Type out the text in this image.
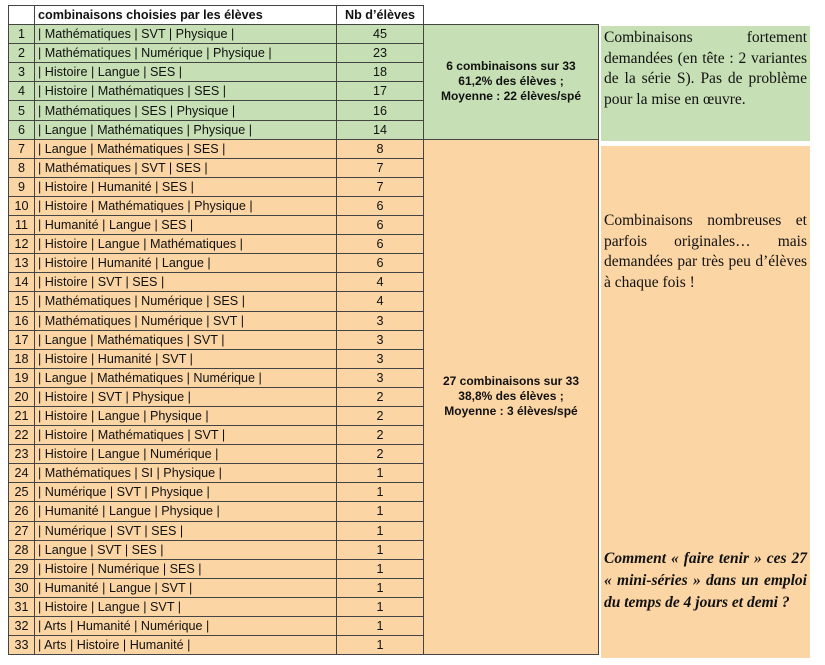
	combinaisons choisies par les élèves	Nb d’élèves	
1	| Mathématiques | SVT | Physique |	45	6 combinaisons sur 33
61,2% des élèves ;
Moyenne : 22 élèves/spé

2	| Mathématiques | Numérique | Physique |	23	
3	| Histoire | Langue | SES |	18	
4	| Histoire | Mathématiques | SES |	17	
5	| Mathématiques | SES | Physique |	16	
6	| Langue | Mathématiques | Physique |	14	
7	| Langue | Mathématiques | SES |	8	27 combinaisons sur 33
38,8% des élèves ;
Moyenne : 3 élèves/spé

8	| Mathématiques | SVT | SES |	7	
9	| Histoire | Humanité | SES |	7	
10	| Histoire | Mathématiques | Physique |	6	
11	| Humanité | Langue | SES |	6	
12	| Histoire | Langue | Mathématiques |	6	
13	| Histoire | Humanité | Langue |	6	
14	| Histoire | SVT | SES |	4	
15	| Mathématiques | Numérique | SES |	4	
16	| Mathématiques | Numérique | SVT |	3	
17	| Langue | Mathématiques | SVT |	3	
18	| Histoire | Humanité | SVT |	3	
19	| Langue | Mathématiques | Numérique |	3	
20	| Histoire | SVT | Physique |	2	
21	| Histoire | Langue | Physique |	2	
22	| Histoire | Mathématiques | SVT |	2	
23	| Histoire | Langue | Numérique |	2	
24	| Mathématiques | SI | Physique |	1	
25	| Numérique | SVT | Physique |	1	
26	| Humanité | Langue | Physique |	1	
27	| Numérique | SVT | SES |	1	
28	| Langue | SVT | SES |	1	
29	| Histoire | Numérique | SES |	1	
30	| Humanité | Langue | SVT |	1	
31	| Histoire | Langue | SVT |	1	
32	| Arts | Humanité | Numérique |	1	
33	| Arts | Histoire | Humanité |	1	
Combinaisons fortement demandées (en tête : 2 variantes de la série S). Pas de problème pour la mise en œuvre.
Combinaisons nombreuses et parfois originales… mais demandées par très peu d’élèves à chaque fois !
Comment « faire tenir » ces 27 « mini-séries » dans un emploi du temps de 4 jours et demi ?
